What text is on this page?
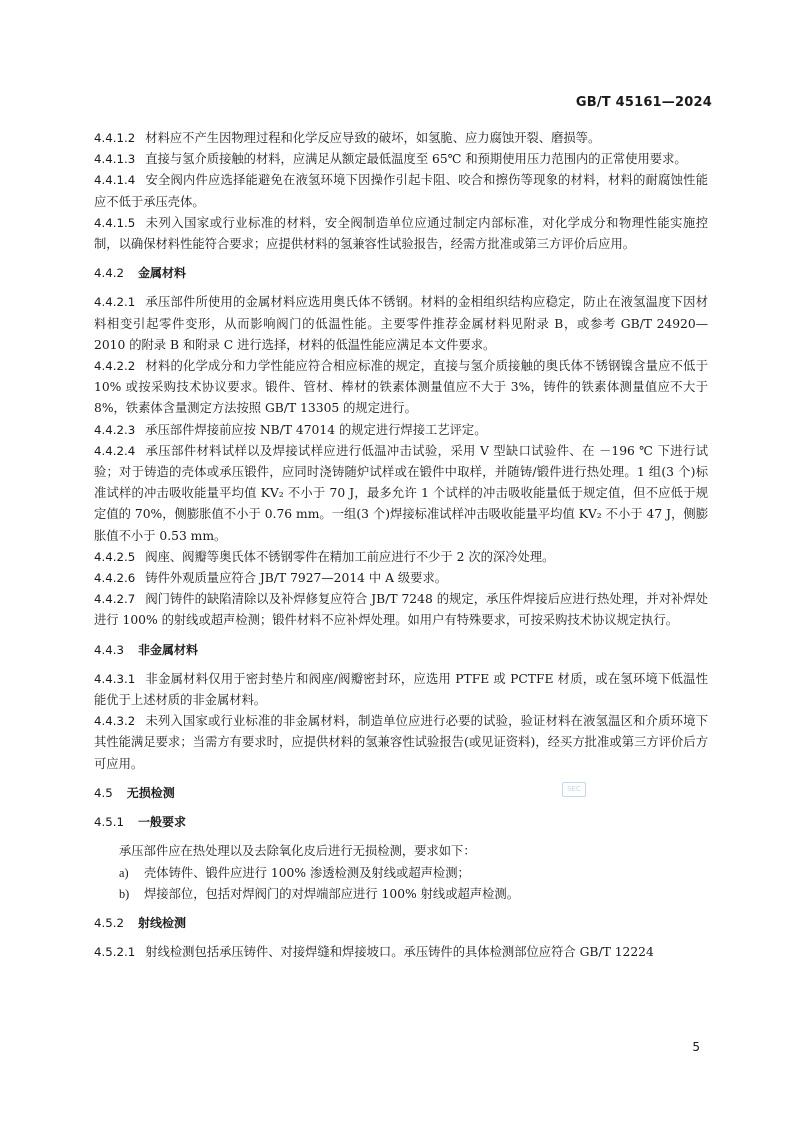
GB/T 45161—2024
4.4.1.2 材料应不产生因物理过程和化学反应导致的破坏，如氢脆、应力腐蚀开裂、磨损等。
4.4.1.3 直接与氢介质接触的材料，应满足从额定最低温度至 65℃ 和预期使用压力范围内的正常使用要求。
4.4.1.4 安全阀内件应选择能避免在液氢环境下因操作引起卡阻、咬合和擦伤等现象的材料，材料的耐腐蚀性能应不低于承压壳体。
4.4.1.5 未列入国家或行业标准的材料，安全阀制造单位应通过制定内部标准，对化学成分和物理性能实施控制，以确保材料性能符合要求；应提供材料的氢兼容性试验报告，经需方批准或第三方评价后应用。
4.4.2 金属材料
4.4.2.1 承压部件所使用的金属材料应选用奥氏体不锈钢。材料的金相组织结构应稳定，防止在液氢温度下因材料相变引起零件变形，从而影响阀门的低温性能。主要零件推荐金属材料见附录 B，或参考 GB/T 24920—2010 的附录 B 和附录 C 进行选择，材料的低温性能应满足本文件要求。
4.4.2.2 材料的化学成分和力学性能应符合相应标准的规定，直接与氢介质接触的奥氏体不锈钢镍含量应不低于 10% 或按采购技术协议要求。锻件、管材、棒材的铁素体测量值应不大于 3%，铸件的铁素体测量值应不大于 8%，铁素体含量测定方法按照 GB/T 13305 的规定进行。
4.4.2.3 承压部件焊接前应按 NB/T 47014 的规定进行焊接工艺评定。
4.4.2.4 承压部件材料试样以及焊接试样应进行低温冲击试验，采用 V 型缺口试验件、在 －196 ℃ 下进行试验；对于铸造的壳体或承压锻件，应同时浇铸随炉试样或在锻件中取样，并随铸/锻件进行热处理。1 组(3 个)标准试样的冲击吸收能量平均值 KV₂ 不小于 70 J，最多允许 1 个试样的冲击吸收能量低于规定值，但不应低于规定值的 70%，侧膨胀值不小于 0.76 mm。一组(3 个)焊接标准试样冲击吸收能量平均值 KV₂ 不小于 47 J，侧膨胀值不小于 0.53 mm。
4.4.2.5 阀座、阀瓣等奥氏体不锈钢零件在精加工前应进行不少于 2 次的深冷处理。
4.4.2.6 铸件外观质量应符合 JB/T 7927—2014 中 A 级要求。
4.4.2.7 阀门铸件的缺陷清除以及补焊修复应符合 JB/T 7248 的规定，承压件焊接后应进行热处理，并对补焊处进行 100% 的射线或超声检测；锻件材料不应补焊处理。如用户有特殊要求，可按采购技术协议规定执行。
4.4.3 非金属材料
4.4.3.1 非金属材料仅用于密封垫片和阀座/阀瓣密封环，应选用 PTFE 或 PCTFE 材质，或在氢环境下低温性能优于上述材质的非金属材料。
4.4.3.2 未列入国家或行业标准的非金属材料，制造单位应进行必要的试验，验证材料在液氢温区和介质环境下其性能满足要求；当需方有要求时，应提供材料的氢兼容性试验报告(或见证资料)，经买方批准或第三方评价后方可应用。
4.5 无损检测
4.5.1 一般要求
承压部件应在热处理以及去除氧化皮后进行无损检测，要求如下：
a) 壳体铸件、锻件应进行 100% 渗透检测及射线或超声检测；
b) 焊接部位，包括对焊阀门的对焊端部应进行 100% 射线或超声检测。
4.5.2 射线检测
4.5.2.1 射线检测包括承压铸件、对接焊缝和焊接坡口。承压铸件的具体检测部位应符合 GB/T 12224
SEC
5
